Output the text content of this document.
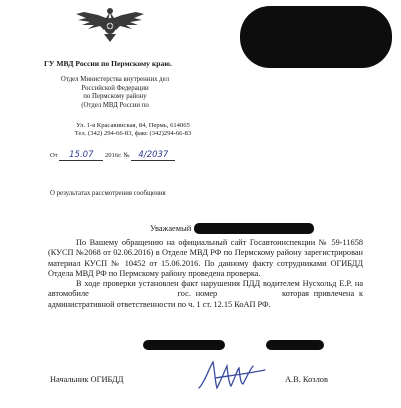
ГУ МВД России по Пермскому краю.
Отдел Министерства внутренних дел
Российской Федерации
по Пермскому району
(Отдел МВД России по
Ул. 1-я Красавинская, 84, Пермь, 614065
Тел. (342) 294-66-83, факс (342)294-66-83
От 15.07 2016г. № 4/2037
О результатах рассмотрения сообщения
Уважаемый

По Вашему обращению на официальный сайт Госавтоинспекции № 59-11658 (КУСП №2068 от 02.06.2016) в Отделе МВД РФ по Пермскому району зарегистрирован материал КУСП № 10452 от 15.06.2016. По данному факту сотрудниками ОГИБДД Отдела МВД РФ по Пермскому району проведена проверка.

В ходе проверки установлен факт нарушения ПДД водителем Нусхольд Е.Р. на автомобиле	гос. номер	которая привлечена к административной ответственности по ч. 1 ст. 12.15 КоАП РФ.

Начальник ОГИБДД	А.В. Козлов
